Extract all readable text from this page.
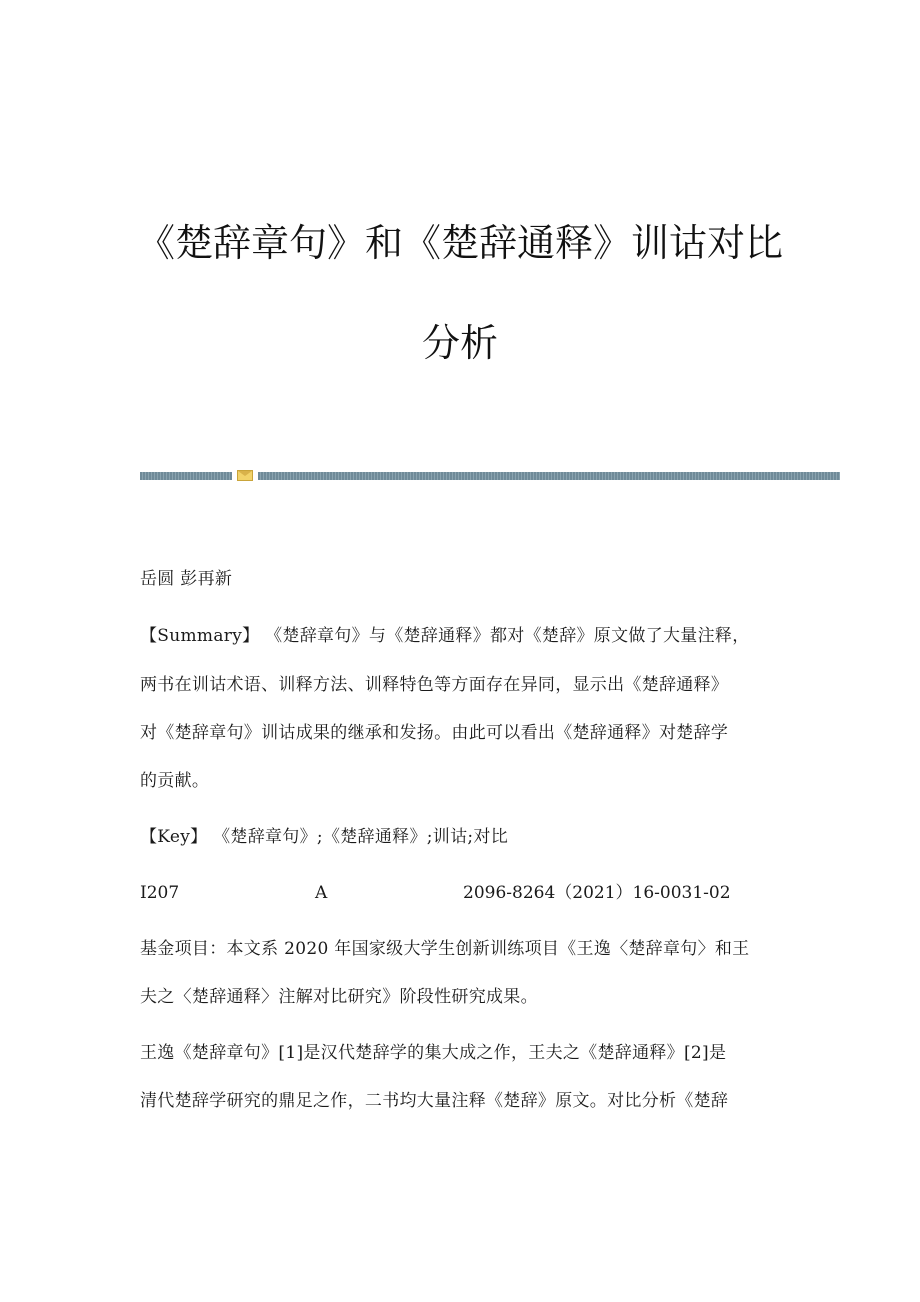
《楚辞章句》和《楚辞通释》训诂对比
分析
岳圆 彭再新
【Summary】 《楚辞章句》与《楚辞通释》都对《楚辞》原文做了大量注释，
两书在训诂术语、训释方法、训释特色等方面存在异同，显示出《楚辞通释》
对《楚辞章句》训诂成果的继承和发扬。由此可以看出《楚辞通释》对楚辞学
的贡献。
【Key】 《楚辞章句》;《楚辞通释》;训诂;对比
I207	A	2096-8264（2021）16-0031-02
基金项目：本文系 2020 年国家级大学生创新训练项目《王逸〈楚辞章句〉和王
夫之〈楚辞通释〉注解对比研究》阶段性研究成果。
王逸《楚辞章句》[1]是汉代楚辞学的集大成之作，王夫之《楚辞通释》[2]是
清代楚辞学研究的鼎足之作，二书均大量注释《楚辞》原文。对比分析《楚辞
